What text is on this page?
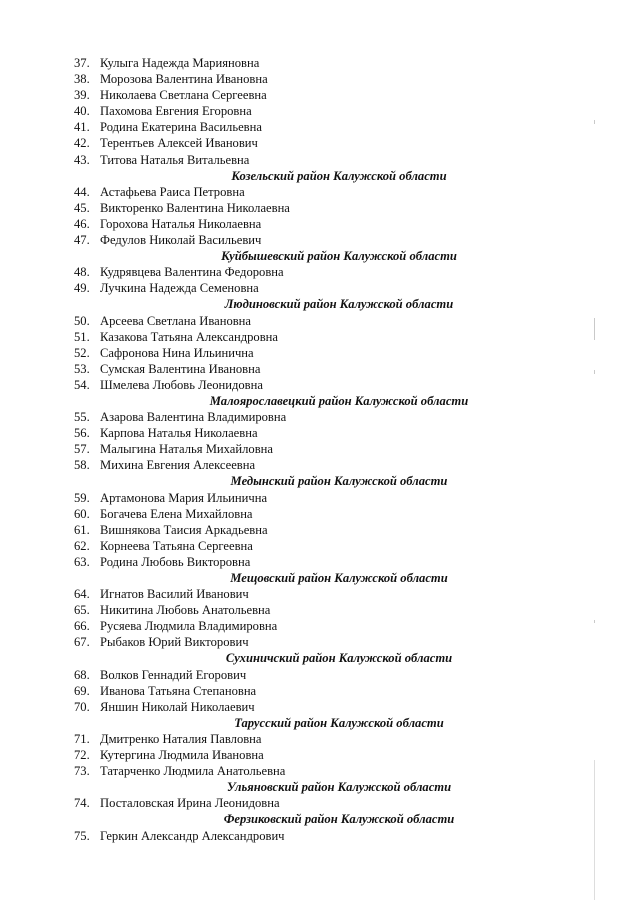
37. Кулыга Надежда Марияновна
38. Морозова Валентина Ивановна
39. Николаева Светлана Сергеевна
40. Пахомова Евгения Егоровна
41. Родина Екатерина Васильевна
42. Терентьев Алексей Иванович
43. Титова Наталья Витальевна
Козельский район Калужской области
44. Астафьева Раиса Петровна
45. Викторенко Валентина Николаевна
46. Горохова Наталья Николаевна
47. Федулов Николай Васильевич
Куйбышевский район Калужской области
48. Кудрявцева Валентина Федоровна
49. Лучкина Надежда Семеновна
Людиновский район Калужской области
50. Арсеева Светлана Ивановна
51. Казакова Татьяна Александровна
52. Сафронова Нина Ильинична
53. Сумская Валентина Ивановна
54. Шмелева Любовь Леонидовна
Малоярославецкий район Калужской области
55. Азарова Валентина Владимировна
56. Карпова Наталья Николаевна
57. Малыгина Наталья Михайловна
58. Михина Евгения Алексеевна
Медынский район Калужской области
59. Артамонова Мария Ильинична
60. Богачева Елена Михайловна
61. Вишнякова Таисия Аркадьевна
62. Корнеева Татьяна Сергеевна
63. Родина Любовь Викторовна
Мещовский район Калужской области
64. Игнатов Василий Иванович
65. Никитина Любовь Анатольевна
66. Русяева Людмила Владимировна
67. Рыбаков Юрий Викторович
Сухиничский район Калужской области
68. Волков Геннадий Егорович
69. Иванова Татьяна Степановна
70. Яншин Николай Николаевич
Тарусский район Калужской области
71. Дмитренко Наталия Павловна
72. Кутергина Людмила Ивановна
73. Татарченко Людмила Анатольевна
Ульяновский район Калужской области
74. Посталовская Ирина Леонидовна
Ферзиковский район Калужской области
75. Геркин Александр Александрович
